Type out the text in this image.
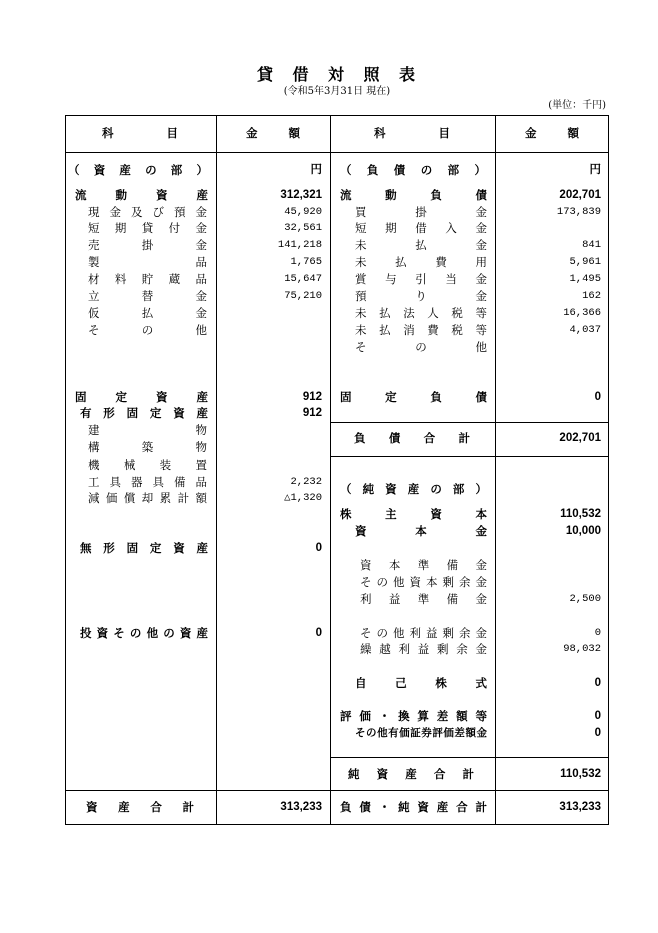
貸借対照表
(令和5年3月31日 現在)
(単位：千円)
科目	金額	科目	金額
（資産の部）	円
流動資産	312,321
現金及び預金	45,920
短期貸付金	32,561
売掛金	141,218
製品	1,765
材料貯蔵品	15,647
立替金	75,210
仮払金
その他
固定資産	912
有形固定資産	912
建物
構築物
機械装置
工具器具備品	2,232
減価償却累計額	△1,320
無形固定資産	0
投資その他の資産	0
資産合計	313,233
（負債の部）	円
流動負債	202,701
買掛金	173,839
短期借入金
未払金	841
未払費用	5,961
賞与引当金	1,495
預り金	162
未払法人税等	16,366
未払消費税等	4,037
その他
固定負債	0
負債合計	202,701
（純資産の部）
株主資本	110,532
資本金	10,000
資本準備金
その他資本剰余金
利益準備金	2,500
その他利益剰余金	0
繰越利益剰余金	98,032
自己株式	0
評価・換算差額等	0
その他有価証券評価差額金	0
純資産合計	110,532
負債・純資産合計	313,233
